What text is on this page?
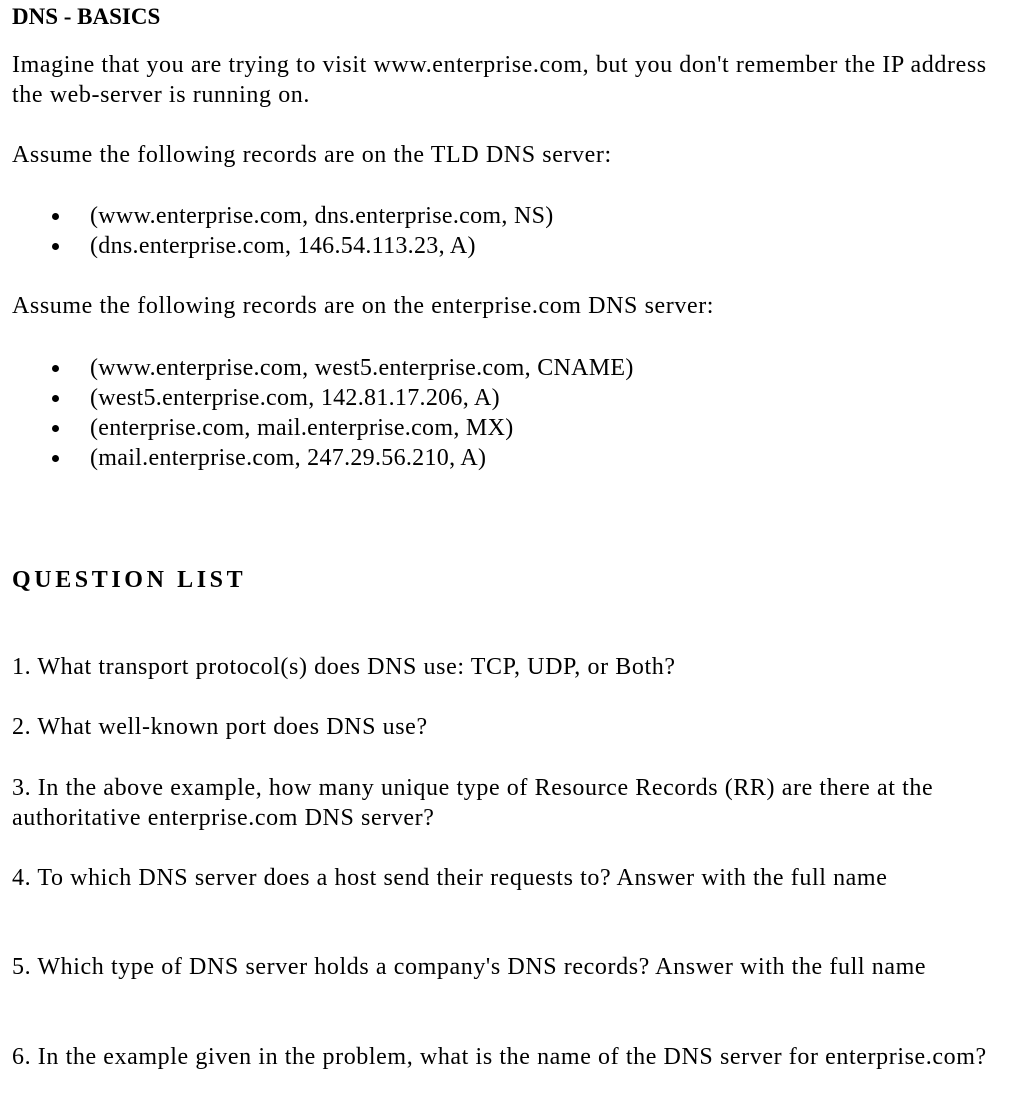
DNS - BASICS
Imagine that you are trying to visit www.enterprise.com, but you don't remember the IP address the web-server is running on.
Assume the following records are on the TLD DNS server:
(www.enterprise.com, dns.enterprise.com, NS)
(dns.enterprise.com, 146.54.113.23, A)
Assume the following records are on the enterprise.com DNS server:
(www.enterprise.com, west5.enterprise.com, CNAME)
(west5.enterprise.com, 142.81.17.206, A)
(enterprise.com, mail.enterprise.com, MX)
(mail.enterprise.com, 247.29.56.210, A)
QUESTION LIST
1. What transport protocol(s) does DNS use: TCP, UDP, or Both?
2. What well-known port does DNS use?
3. In the above example, how many unique type of Resource Records (RR) are there at the authoritative enterprise.com DNS server?
4. To which DNS server does a host send their requests to? Answer with the full name
5. Which type of DNS server holds a company's DNS records? Answer with the full name
6. In the example given in the problem, what is the name of the DNS server for enterprise.com?
